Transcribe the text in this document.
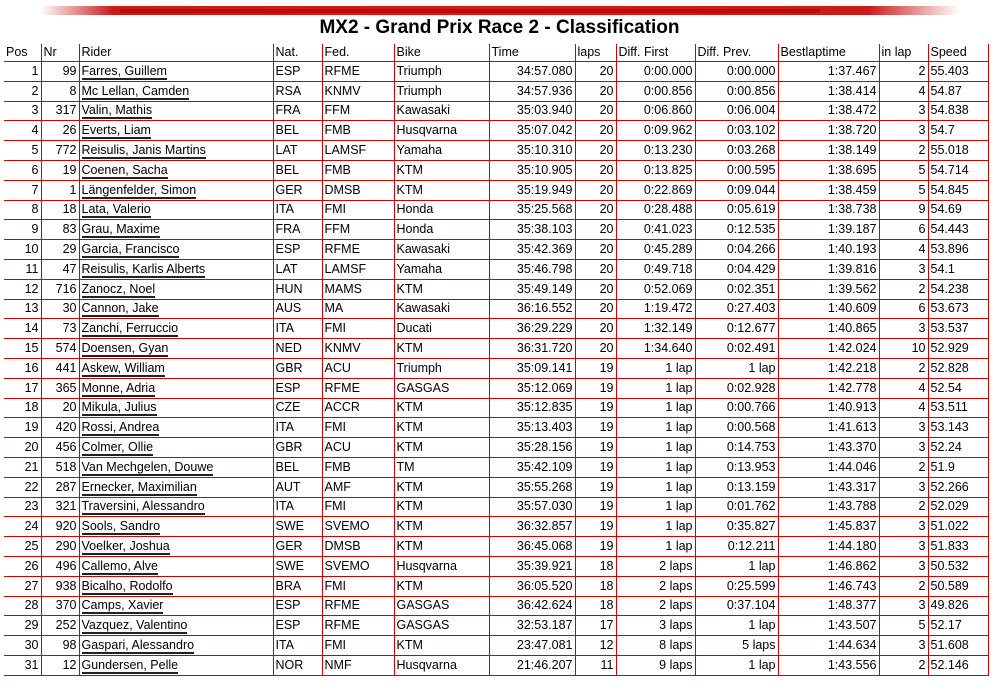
MX2 - Grand Prix Race 2 - Classification
Pos	Nr	Rider	Nat.	Fed.	Bike	Time	laps	Diff. First	Diff. Prev.	Bestlaptime	in lap	Speed
1	99	Farres, Guillem	ESP	RFME	Triumph	34:57.080	20	0:00.000	0:00.000	1:37.467	2	55.403
2	8	Mc Lellan, Camden	RSA	KNMV	Triumph	34:57.936	20	0:00.856	0:00.856	1:38.414	4	54.87
3	317	Valin, Mathis	FRA	FFM	Kawasaki	35:03.940	20	0:06.860	0:06.004	1:38.472	3	54.838
4	26	Everts, Liam	BEL	FMB	Husqvarna	35:07.042	20	0:09.962	0:03.102	1:38.720	3	54.7
5	772	Reisulis, Janis Martins	LAT	LAMSF	Yamaha	35:10.310	20	0:13.230	0:03.268	1:38.149	2	55.018
6	19	Coenen, Sacha	BEL	FMB	KTM	35:10.905	20	0:13.825	0:00.595	1:38.695	5	54.714
7	1	Längenfelder, Simon	GER	DMSB	KTM	35:19.949	20	0:22.869	0:09.044	1:38.459	5	54.845
8	18	Lata, Valerio	ITA	FMI	Honda	35:25.568	20	0:28.488	0:05.619	1:38.738	9	54.69
9	83	Grau, Maxime	FRA	FFM	Honda	35:38.103	20	0:41.023	0:12.535	1:39.187	6	54.443
10	29	Garcia, Francisco	ESP	RFME	Kawasaki	35:42.369	20	0:45.289	0:04.266	1:40.193	4	53.896
11	47	Reisulis, Karlis Alberts	LAT	LAMSF	Yamaha	35:46.798	20	0:49.718	0:04.429	1:39.816	3	54.1
12	716	Zanocz, Noel	HUN	MAMS	KTM	35:49.149	20	0:52.069	0:02.351	1:39.562	2	54.238
13	30	Cannon, Jake	AUS	MA	Kawasaki	36:16.552	20	1:19.472	0:27.403	1:40.609	6	53.673
14	73	Zanchi, Ferruccio	ITA	FMI	Ducati	36:29.229	20	1:32.149	0:12.677	1:40.865	3	53.537
15	574	Doensen, Gyan	NED	KNMV	KTM	36:31.720	20	1:34.640	0:02.491	1:42.024	10	52.929
16	441	Askew, William	GBR	ACU	Triumph	35:09.141	19	1 lap	1 lap	1:42.218	2	52.828
17	365	Monne, Adria	ESP	RFME	GASGAS	35:12.069	19	1 lap	0:02.928	1:42.778	4	52.54
18	20	Mikula, Julius	CZE	ACCR	KTM	35:12.835	19	1 lap	0:00.766	1:40.913	4	53.511
19	420	Rossi, Andrea	ITA	FMI	KTM	35:13.403	19	1 lap	0:00.568	1:41.613	3	53.143
20	456	Colmer, Ollie	GBR	ACU	KTM	35:28.156	19	1 lap	0:14.753	1:43.370	3	52.24
21	518	Van Mechgelen, Douwe	BEL	FMB	TM	35:42.109	19	1 lap	0:13.953	1:44.046	2	51.9
22	287	Ernecker, Maximilian	AUT	AMF	KTM	35:55.268	19	1 lap	0:13.159	1:43.317	3	52.266
23	321	Traversini, Alessandro	ITA	FMI	KTM	35:57.030	19	1 lap	0:01.762	1:43.788	2	52.029
24	920	Sools, Sandro	SWE	SVEMO	KTM	36:32.857	19	1 lap	0:35.827	1:45.837	3	51.022
25	290	Voelker, Joshua	GER	DMSB	KTM	36:45.068	19	1 lap	0:12.211	1:44.180	3	51.833
26	496	Callemo, Alve	SWE	SVEMO	Husqvarna	35:39.921	18	2 laps	1 lap	1:46.862	3	50.532
27	938	Bicalho, Rodolfo	BRA	FMI	KTM	36:05.520	18	2 laps	0:25.599	1:46.743	2	50.589
28	370	Camps, Xavier	ESP	RFME	GASGAS	36:42.624	18	2 laps	0:37.104	1:48.377	3	49.826
29	252	Vazquez, Valentino	ESP	RFME	GASGAS	32:53.187	17	3 laps	1 lap	1:43.507	5	52.17
30	98	Gaspari, Alessandro	ITA	FMI	KTM	23:47.081	12	8 laps	5 laps	1:44.634	3	51.608
31	12	Gundersen, Pelle	NOR	NMF	Husqvarna	21:46.207	11	9 laps	1 lap	1:43.556	2	52.146
